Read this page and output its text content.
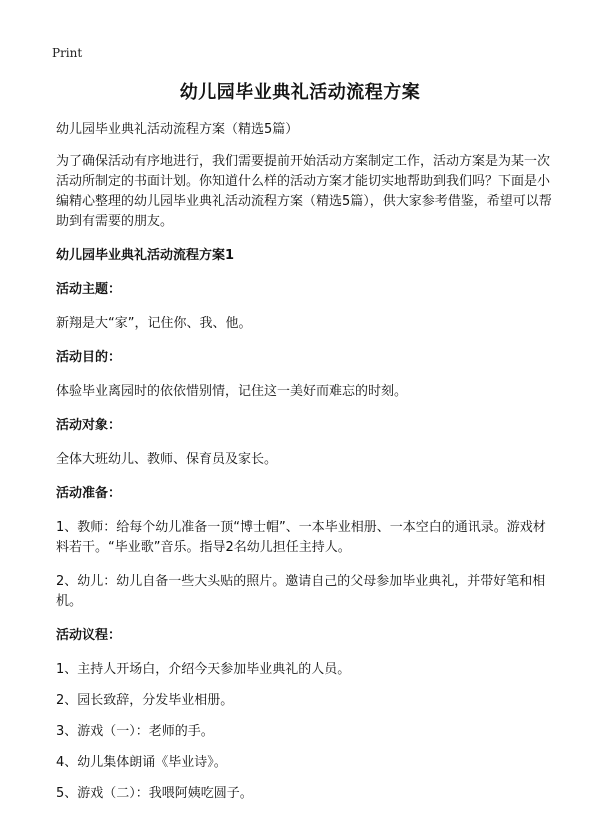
Print
幼儿园毕业典礼活动流程方案

幼儿园毕业典礼活动流程方案（精选5篇）

为了确保活动有序地进行，我们需要提前开始活动方案制定工作，活动方案是为某一次活动所制定的书面计划。你知道什么样的活动方案才能切实地帮助到我们吗？下面是小编精心整理的幼儿园毕业典礼活动流程方案（精选5篇），供大家参考借鉴，希望可以帮助到有需要的朋友。

幼儿园毕业典礼活动流程方案1

活动主题：

新翔是大“家”，记住你、我、他。

活动目的：

体验毕业离园时的依依惜别情，记住这一美好而难忘的时刻。

活动对象：

全体大班幼儿、教师、保育员及家长。

活动准备：

1、教师：给每个幼儿准备一顶“博士帽”、一本毕业相册、一本空白的通讯录。游戏材料若干。“毕业歌”音乐。指导2名幼儿担任主持人。

2、幼儿：幼儿自备一些大头贴的照片。邀请自己的父母参加毕业典礼，并带好笔和相机。

活动议程：

1、主持人开场白，介绍今天参加毕业典礼的人员。

2、园长致辞，分发毕业相册。

3、游戏（一）：老师的手。

4、幼儿集体朗诵《毕业诗》。

5、游戏（二）：我喂阿姨吃圆子。
